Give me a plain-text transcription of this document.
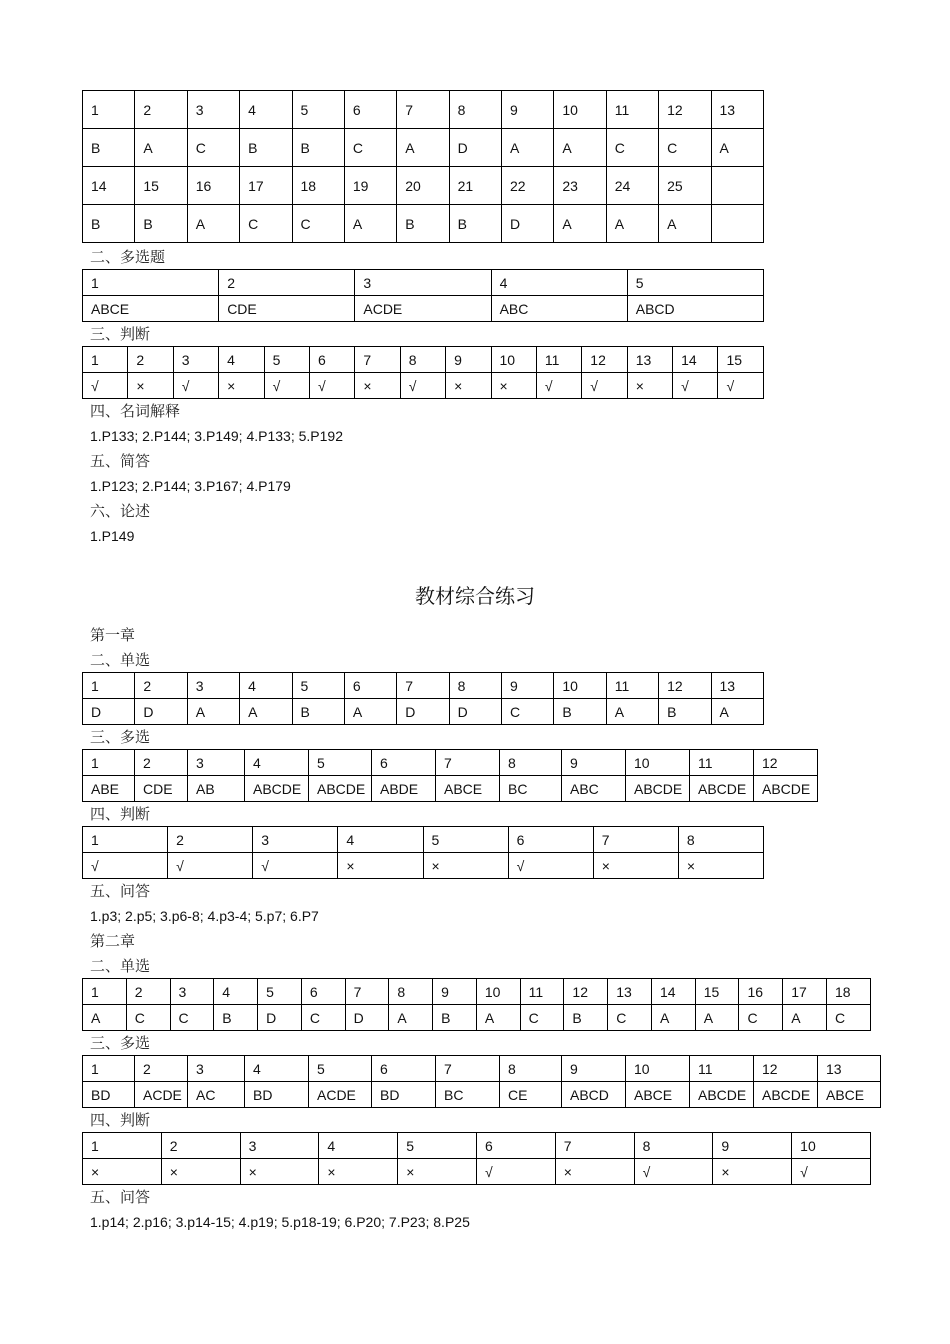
1	2	3	4	5	6	7	8	9	10	11	12	13
B	A	C	B	B	C	A	D	A	A	C	C	A
14	15	16	17	18	19	20	21	22	23	24	25	
B	B	A	C	C	A	B	B	D	A	A	A	
二、多选题
1	2	3	4	5
ABCE	CDE	ACDE	ABC	ABCD
三、判断
1	2	3	4	5	6	7	8	9	10	11	12	13	14	15
√	×	√	×	√	√	×	√	×	×	√	√	×	√	√
四、名词解释
1.P133; 2.P144; 3.P149; 4.P133; 5.P192
五、简答
1.P123; 2.P144; 3.P167; 4.P179
六、论述
1.P149
教材综合练习
第一章
二、单选
1	2	3	4	5	6	7	8	9	10	11	12	13
D	D	A	A	B	A	D	D	C	B	A	B	A
三、多选
1	2	3	4	5	6	7	8	9	10	11	12
ABE	CDE	AB	ABCDE	ABCDE	ABDE	ABCE	BC	ABC	ABCDE	ABCDE	ABCDE
四、判断
1	2	3	4	5	6	7	8
√	√	√	×	×	√	×	×
五、问答
1.p3; 2.p5; 3.p6-8; 4.p3-4; 5.p7; 6.P7
第二章
二、单选
1	2	3	4	5	6	7	8	9	10	11	12	13	14	15	16	17	18
A	C	C	B	D	C	D	A	B	A	C	B	C	A	A	C	A	C
三、多选
1	2	3	4	5	6	7	8	9	10	11	12	13
BD	ACDE	AC	BD	ACDE	BD	BC	CE	ABCD	ABCE	ABCDE	ABCDE	ABCE
四、判断
1	2	3	4	5	6	7	8	9	10
×	×	×	×	×	√	×	√	×	√
五、问答
1.p14; 2.p16; 3.p14-15; 4.p19; 5.p18-19; 6.P20; 7.P23; 8.P25
